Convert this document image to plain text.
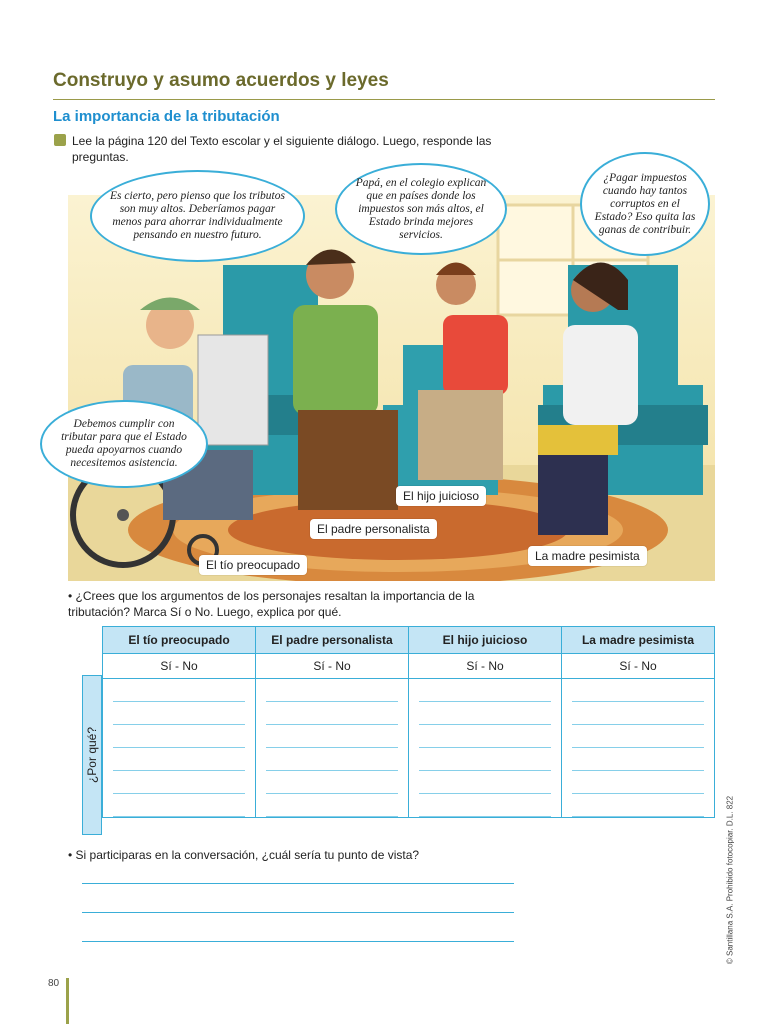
Construyo y asumo acuerdos y leyes
La importancia de la tributación
Lee la página 120 del Texto escolar y el siguiente diálogo. Luego, responde las preguntas.
Es cierto, pero pienso que los tributos son muy altos. Deberíamos pagar menos para ahorrar individualmente pensando en nuestro futuro.
Papá, en el colegio explican que en países donde los impuestos son más altos, el Estado brinda mejores servicios.
¿Pagar impuestos cuando hay tantos corruptos en el Estado? Eso quita las ganas de contribuir.
Debemos cumplir con tributar para que el Estado pueda apoyarnos cuando necesitemos asistencia.
El tío preocupado
El padre personalista
El hijo juicioso
La madre pesimista
• ¿Crees que los argumentos de los personajes resaltan la importancia de la tributación? Marca Sí o No. Luego, explica por qué.
¿Por qué?
El tío preocupado	El padre personalista	El hijo juicioso	La madre pesimista
Sí - No	Sí - No	Sí - No	Sí - No

• Si participaras en la conversación, ¿cuál sería tu punto de vista?	© Santillana S.A. Prohibido fotocopiar. D.L. 822
80
